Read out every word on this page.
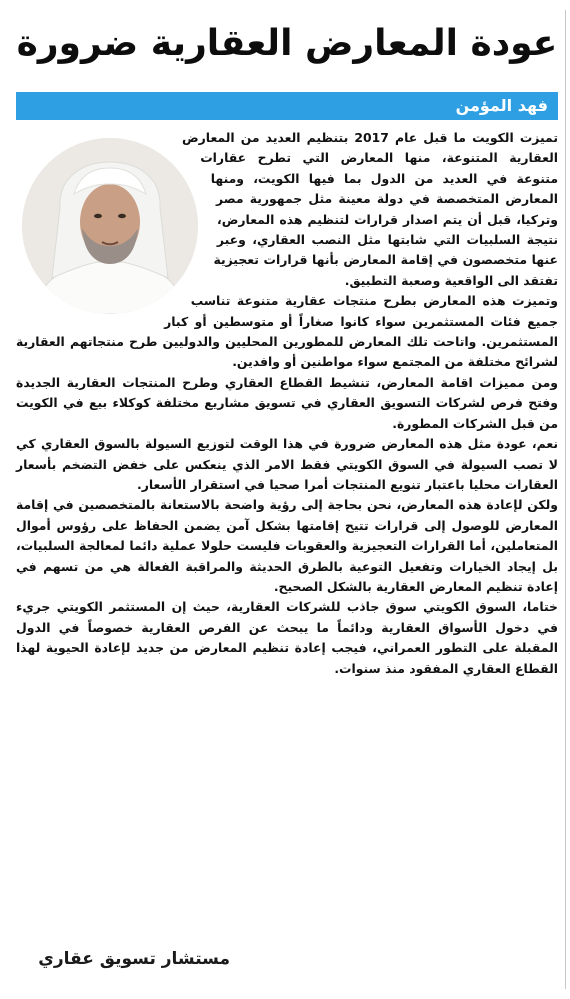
عودة المعارض العقارية ضرورة
فهد المؤمن

تميزت الكويت ما قبل عام 2017 بتنظيم العديد من المعارض العقارية المتنوعة، منها المعارض التي تطرح عقارات متنوعة في العديد من الدول بما فيها الكويت، ومنها المعارض المتخصصة في دولة معينة مثل جمهورية مصر وتركيا، قبل أن يتم اصدار قرارات لتنظيم هذه المعارض، نتيجة السلبيات التي شابتها مثل النصب العقاري، وعبر عنها متخصصون في إقامة المعارض بأنها قرارات تعجيزية تفتقد الى الواقعية وصعبة التطبيق.

وتميزت هذه المعارض بطرح منتجات عقارية متنوعة تناسب جميع فئات المستثمرين سواء كانوا صغاراً أو متوسطين أو كبار المستثمرين. واتاحت تلك المعارض للمطورين المحليين والدوليين طرح منتجاتهم العقارية لشرائح مختلفة من المجتمع سواء مواطنين أو وافدين.

ومن مميزات اقامة المعارض، تنشيط القطاع العقاري وطرح المنتجات العقارية الجديدة وفتح فرص لشركات التسويق العقاري في تسويق مشاريع مختلفة كوكلاء بيع في الكويت من قبل الشركات المطورة.

نعم، عودة مثل هذه المعارض ضرورة في هذا الوقت لتوزيع السيولة بالسوق العقاري كي لا تصب السيولة في السوق الكويتي فقط الامر الذي ينعكس على خفض التضخم بأسعار العقارات محليا باعتبار تنويع المنتجات أمرا صحيا في استقرار الأسعار.

ولكن لإعادة هذه المعارض، نحن بحاجة إلى رؤية واضحة بالاستعانة بالمتخصصين في إقامة المعارض للوصول إلى قرارات تتيح إقامتها بشكل آمن يضمن الحفاظ على رؤوس أموال المتعاملين، أما القرارات التعجيزية والعقوبات فليست حلولا عملية دائما لمعالجة السلبيات، بل إيجاد الخيارات وتفعيل التوعية بالطرق الحديثة والمراقبة الفعالة هي من تسهم في إعادة تنظيم المعارض العقارية بالشكل الصحيح.

ختاما، السوق الكويتي سوق جاذب للشركات العقارية، حيث إن المستثمر الكويتي جريء في دخول الأسواق العقارية ودائماً ما يبحث عن الفرص العقارية خصوصاً في الدول المقبلة على التطور العمراني، فيجب إعادة تنظيم المعارض من جديد لإعادة الحيوية لهذا القطاع العقاري المفقود منذ سنوات.

مستشار تسويق عقاري
